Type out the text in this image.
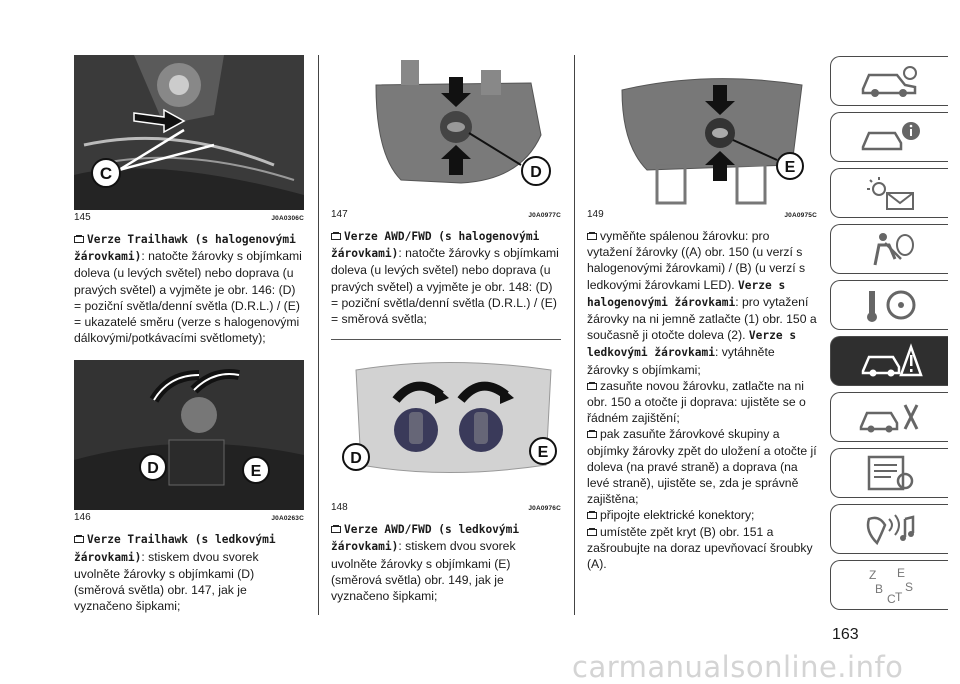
C
145	J0A0306C

Verze Trailhawk (s halogenovými žárovkami): natočte žárovky s objímkami doleva (u levých světel) nebo doprava (u pravých světel) a vyjměte je obr. 146: (D) = poziční světla/denní světla (D.R.L.) / (E) = ukazatelé směru (verze s halogenovými dálkovými/potkávacími světlomety);

D	E
146	J0A0263C

Verze Trailhawk (s ledkovými žárovkami): stiskem dvou svorek uvolněte žárovky s objímkami (D) (směrová světla) obr. 147, jak je vyznačeno šipkami;

D
147	J0A0977C

Verze AWD/FWD (s halogenovými žárovkami): natočte žárovky s objímkami doleva (u levých světel) nebo doprava (u pravých světel) a vyjměte je obr. 148: (D) = poziční světla/denní světla (D.R.L.) / (E) = směrová světla;

D	E
148	J0A0976C

Verze AWD/FWD (s ledkovými žárovkami): stiskem dvou svorek uvolněte žárovky s objímkami (E) (směrová světla) obr. 149, jak je vyznačeno šipkami;

E
149	J0A0975C

vyměňte spálenou žárovku: pro vytažení žárovky ((A) obr. 150 (u verzí s halogenovými žárovkami) / (B) (u verzí s ledkovými žárovkami LED). Verze s halogenovými žárovkami: pro vytažení žárovky na ni jemně zatlačte (1) obr. 150 a současně ji otočte doleva (2). Verze s ledkovými žárovkami: vytáhněte žárovky s objímkami;

zasuňte novou žárovku, zatlačte na ni obr. 150 a otočte ji doprava: ujistěte se o řádném zajištění;

pak zasuňte žárovkové skupiny a objímky žárovky zpět do uložení a otočte jí doleva (na pravé straně) a doprava (na levé straně), ujistěte se, zda je správně zajištěna;

připojte elektrické konektory;

umístěte zpět kryt (B) obr. 151 a zašroubujte na doraz upevňovací šroubky (A).

Z E
B
C T
S
163
carmanualsonline.info
